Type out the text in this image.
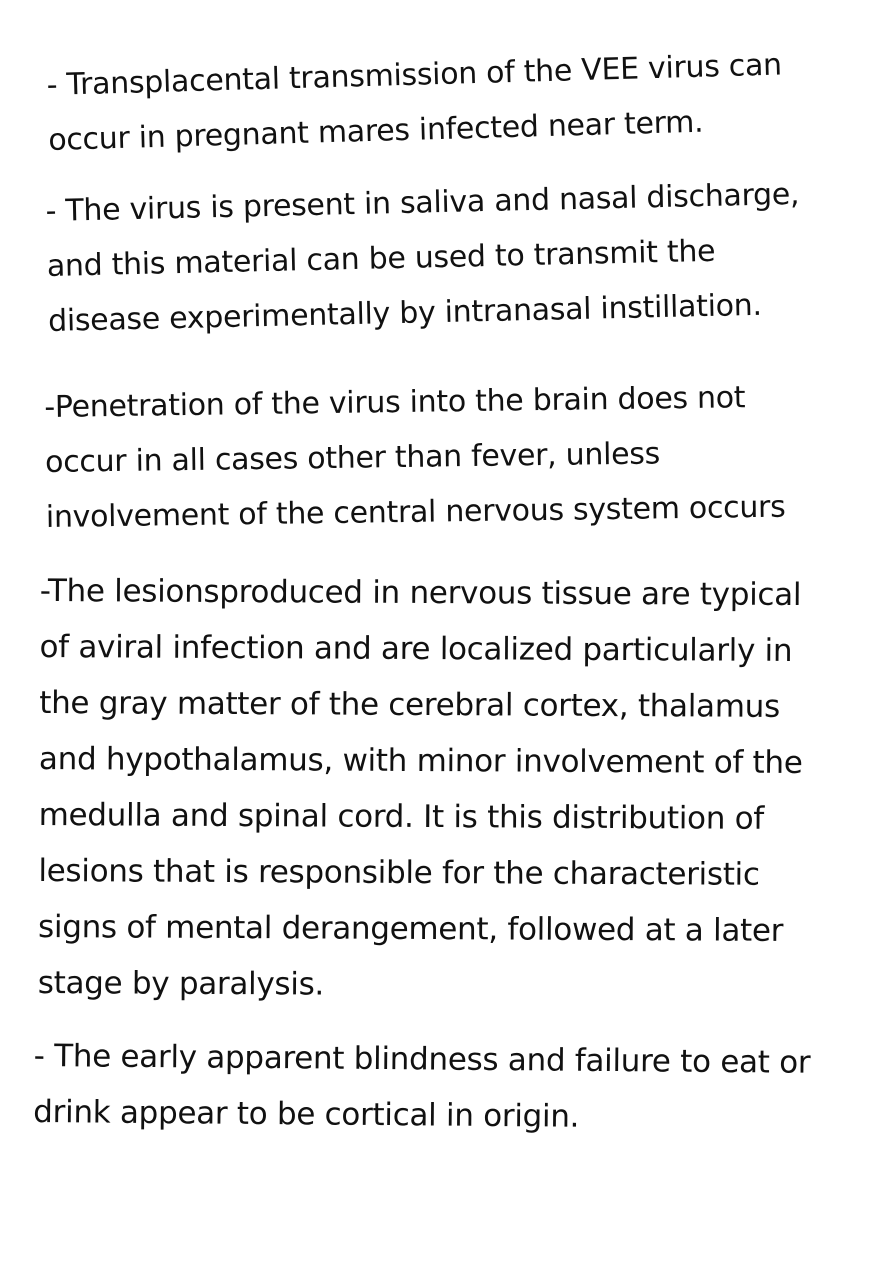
- Transplacental transmission of the VEE virus can
occur in pregnant mares infected near term.

- The virus is present in saliva and nasal discharge,
and this material can be used to transmit the
disease experimentally by intranasal instillation.

-Penetration of the virus into the brain does not
occur in all cases other than fever, unless
involvement of the central nervous system occurs

-The lesionsproduced in nervous tissue are typical
of aviral infection and are localized particularly in
the gray matter of the cerebral cortex, thalamus
and hypothalamus, with minor involvement of the
medulla and spinal cord. It is this distribution of
lesions that is responsible for the characteristic
signs of mental derangement, followed at a later
stage by paralysis.

- The early apparent blindness and failure to eat or
drink appear to be cortical in origin.
